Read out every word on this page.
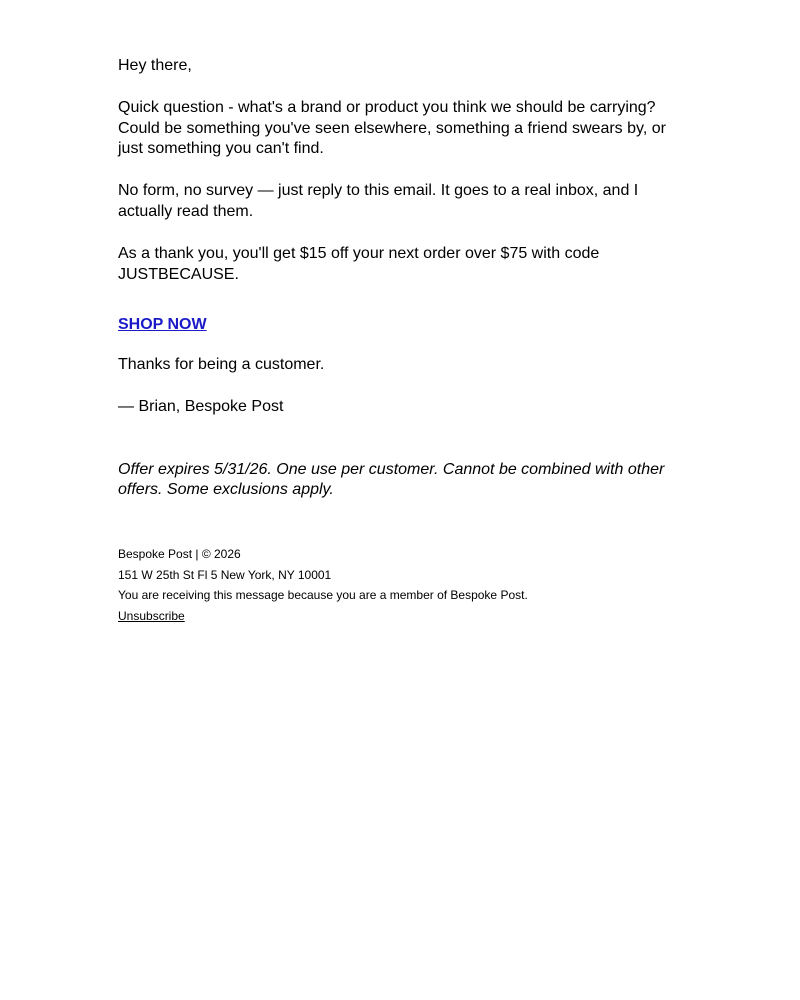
Hey there,

Quick question - what's a brand or product you think we should be carrying? Could be something you've seen elsewhere, something a friend swears by, or just something you can't find.

No form, no survey — just reply to this email. It goes to a real inbox, and I actually read them.

As a thank you, you'll get $15 off your next order over $75 with code JUSTBECAUSE.

SHOP NOW

Thanks for being a customer.

— Brian, Bespoke Post

Offer expires 5/31/26. One use per customer. Cannot be combined with other offers. Some exclusions apply.

Bespoke Post | © 2026
151 W 25th St Fl 5 New York, NY 10001
You are receiving this message because you are a member of Bespoke Post.
Unsubscribe
